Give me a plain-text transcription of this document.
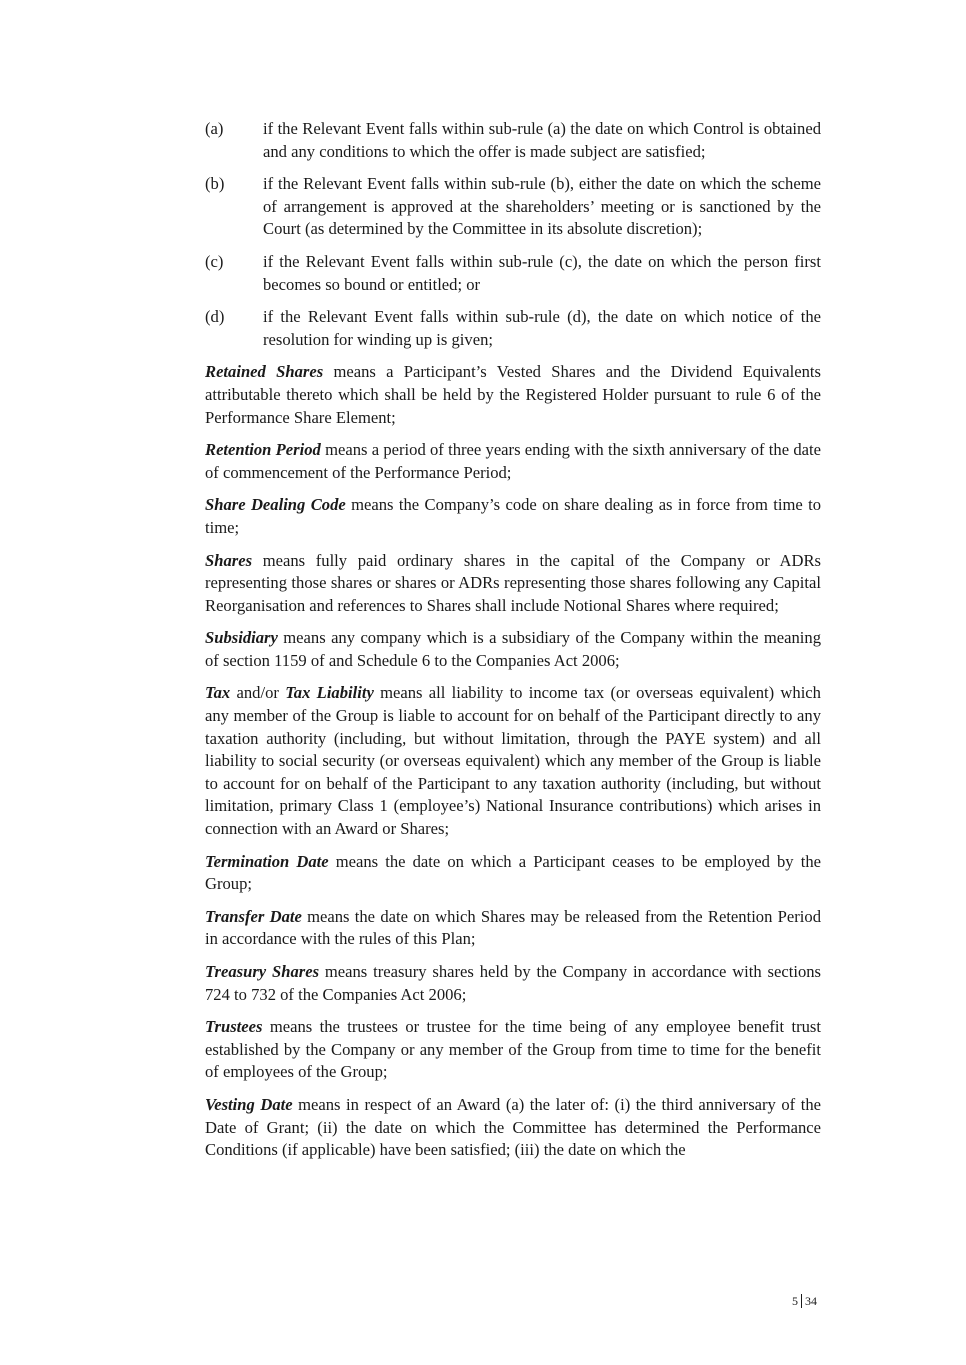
(a)	if the Relevant Event falls within sub-rule (a) the date on which Control is obtained and any conditions to which the offer is made subject are satisfied;
(b)	if the Relevant Event falls within sub-rule (b), either the date on which the scheme of arrangement is approved at the shareholders’ meeting or is sanctioned by the Court (as determined by the Committee in its absolute discretion);
(c)	if the Relevant Event falls within sub-rule (c), the date on which the person first becomes so bound or entitled; or
(d)	if the Relevant Event falls within sub-rule (d), the date on which notice of the resolution for winding up is given;

Retained Shares means a Participant’s Vested Shares and the Dividend Equivalents attributable thereto which shall be held by the Registered Holder pursuant to rule 6 of the Performance Share Element;

Retention Period means a period of three years ending with the sixth anniversary of the date of commencement of the Performance Period;

Share Dealing Code means the Company’s code on share dealing as in force from time to time;

Shares means fully paid ordinary shares in the capital of the Company or ADRs representing those shares or shares or ADRs representing those shares following any Capital Reorganisation and references to Shares shall include Notional Shares where required;

Subsidiary means any company which is a subsidiary of the Company within the meaning of section 1159 of and Schedule 6 to the Companies Act 2006;

Tax and/or Tax Liability means all liability to income tax (or overseas equivalent) which any member of the Group is liable to account for on behalf of the Participant directly to any taxation authority (including, but without limitation, through the PAYE system) and all liability to social security (or overseas equivalent) which any member of the Group is liable to account for on behalf of the Participant to any taxation authority (including, but without limitation, primary Class 1 (employee’s) National Insurance contributions) which arises in connection with an Award or Shares;

Termination Date means the date on which a Participant ceases to be employed by the Group;

Transfer Date means the date on which Shares may be released from the Retention Period in accordance with the rules of this Plan;

Treasury Shares means treasury shares held by the Company in accordance with sections 724 to 732 of the Companies Act 2006;

Trustees means the trustees or trustee for the time being of any employee benefit trust established by the Company or any member of the Group from time to time for the benefit of employees of the Group;

Vesting Date means in respect of an Award (a) the later of: (i) the third anniversary of the Date of Grant; (ii) the date on which the Committee has determined the Performance Conditions (if applicable) have been satisfied; (iii) the date on which the

5 34
